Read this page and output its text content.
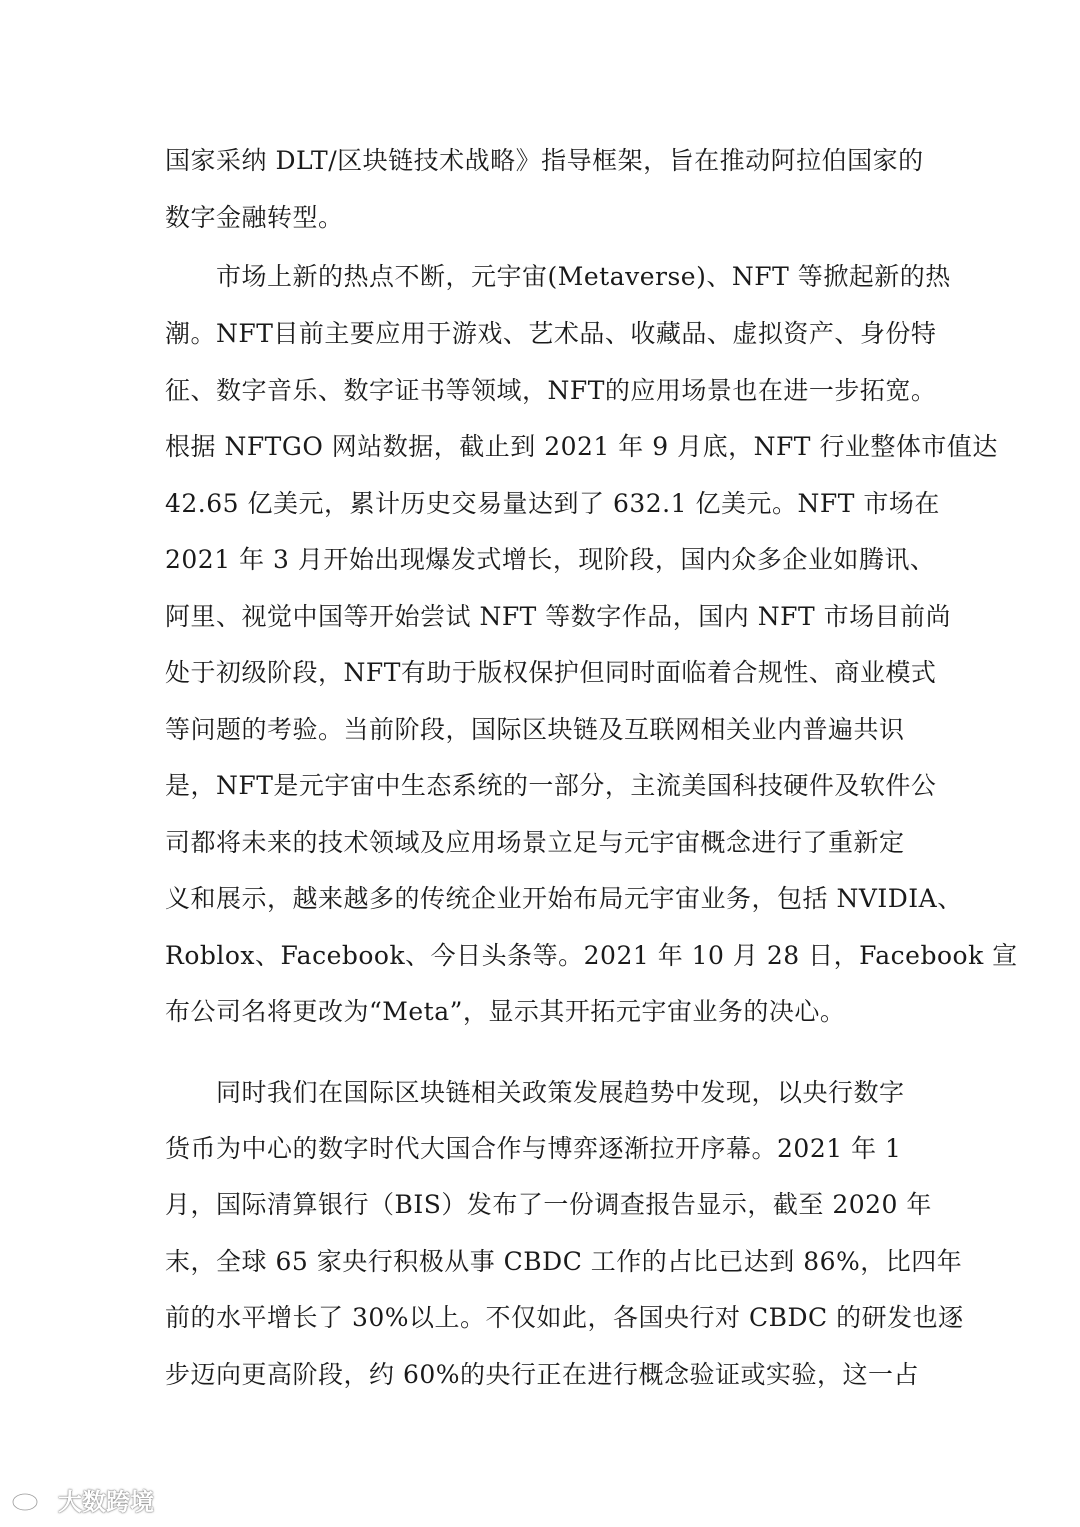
国家采纳 DLT/区块链技术战略》指导框架，旨在推动阿拉伯国家的
数字金融转型。
　　市场上新的热点不断，元宇宙(Metaverse)、NFT 等掀起新的热
潮。NFT目前主要应用于游戏、艺术品、收藏品、虚拟资产、身份特
征、数字音乐、数字证书等领域，NFT的应用场景也在进一步拓宽。
根据 NFTGO 网站数据，截止到 2021 年 9 月底，NFT 行业整体市值达
42.65 亿美元，累计历史交易量达到了 632.1 亿美元。NFT 市场在
2021 年 3 月开始出现爆发式增长，现阶段，国内众多企业如腾讯、
阿里、视觉中国等开始尝试 NFT 等数字作品，国内 NFT 市场目前尚
处于初级阶段，NFT有助于版权保护但同时面临着合规性、商业模式
等问题的考验。当前阶段，国际区块链及互联网相关业内普遍共识
是，NFT是元宇宙中生态系统的一部分，主流美国科技硬件及软件公
司都将未来的技术领域及应用场景立足与元宇宙概念进行了重新定
义和展示，越来越多的传统企业开始布局元宇宙业务，包括 NVIDIA、
Roblox、Facebook、今日头条等。2021 年 10 月 28 日，Facebook 宣
布公司名将更改为“Meta”，显示其开拓元宇宙业务的决心。
　　同时我们在国际区块链相关政策发展趋势中发现，以央行数字
货币为中心的数字时代大国合作与博弈逐渐拉开序幕。2021 年 1
月，国际清算银行（BIS）发布了一份调查报告显示，截至 2020 年
末，全球 65 家央行积极从事 CBDC 工作的占比已达到 86%，比四年
前的水平增长了 30%以上。不仅如此，各国央行对 CBDC 的研发也逐
步迈向更高阶段，约 60%的央行正在进行概念验证或实验，这一占
大数跨境
